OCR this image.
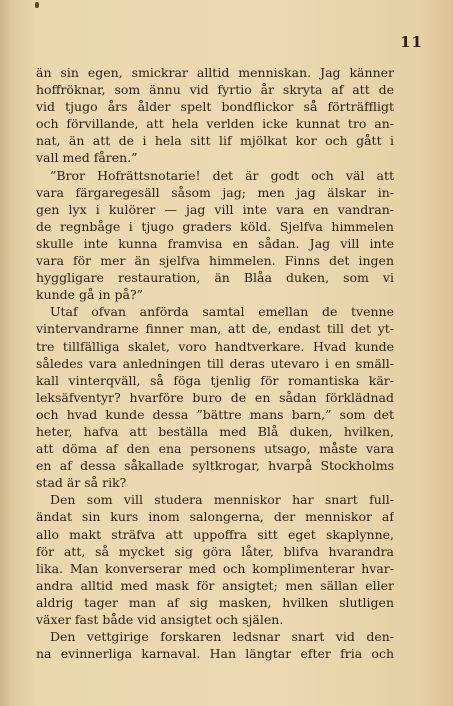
11
än sin egen, smickrar alltid menniskan. Jag känner
hoffröknar, som ännu vid fyrtio år skryta af att de
vid tjugo års ålder spelt bondflickor så förträffligt
och förvillande, att hela verlden icke kunnat tro an-
nat, än att de i hela sitt lif mjölkat kor och gått i
vall med fåren.”
”Bror Hofrättsnotarie! det är godt och väl att
vara färgaregesäll såsom jag; men jag älskar in-
gen lyx i kulörer — jag vill inte vara en vandran-
de regnbåge i tjugo graders köld. Sjelfva himmelen
skulle inte kunna framvisa en sådan. Jag vill inte
vara för mer än sjelfva himmelen. Finns det ingen
hyggligare restauration, än Blåa duken, som vi
kunde gå in på?”
Utaf ofvan anförda samtal emellan de tvenne
vintervandrarne finner man, att de, endast till det yt-
tre tillfälliga skalet, voro handtverkare. Hvad kunde
således vara anledningen till deras utevaro i en smäll-
kall vinterqväll, så föga tjenlig för romantiska kär-
leksäfventyr? hvarföre buro de en sådan förklädnad
och hvad kunde dessa ”bättre mans barn,” som det
heter, hafva att beställa med Blå duken, hvilken,
att döma af den ena personens utsago, måste vara
en af dessa såkallade syltkrogar, hvarpå Stockholms
stad är så rik?
Den som vill studera menniskor har snart full-
ändat sin kurs inom salongerna, der menniskor af
allo makt sträfva att uppoffra sitt eget skaplynne,
för att, så mycket sig göra låter, blifva hvarandra
lika. Man konverserar med och komplimenterar hvar-
andra alltid med mask för ansigtet; men sällan eller
aldrig tager man af sig masken, hvilken slutligen
växer fast både vid ansigtet och själen.
Den vettgirige forskaren ledsnar snart vid den-
na evinnerliga karnaval. Han längtar efter fria och
